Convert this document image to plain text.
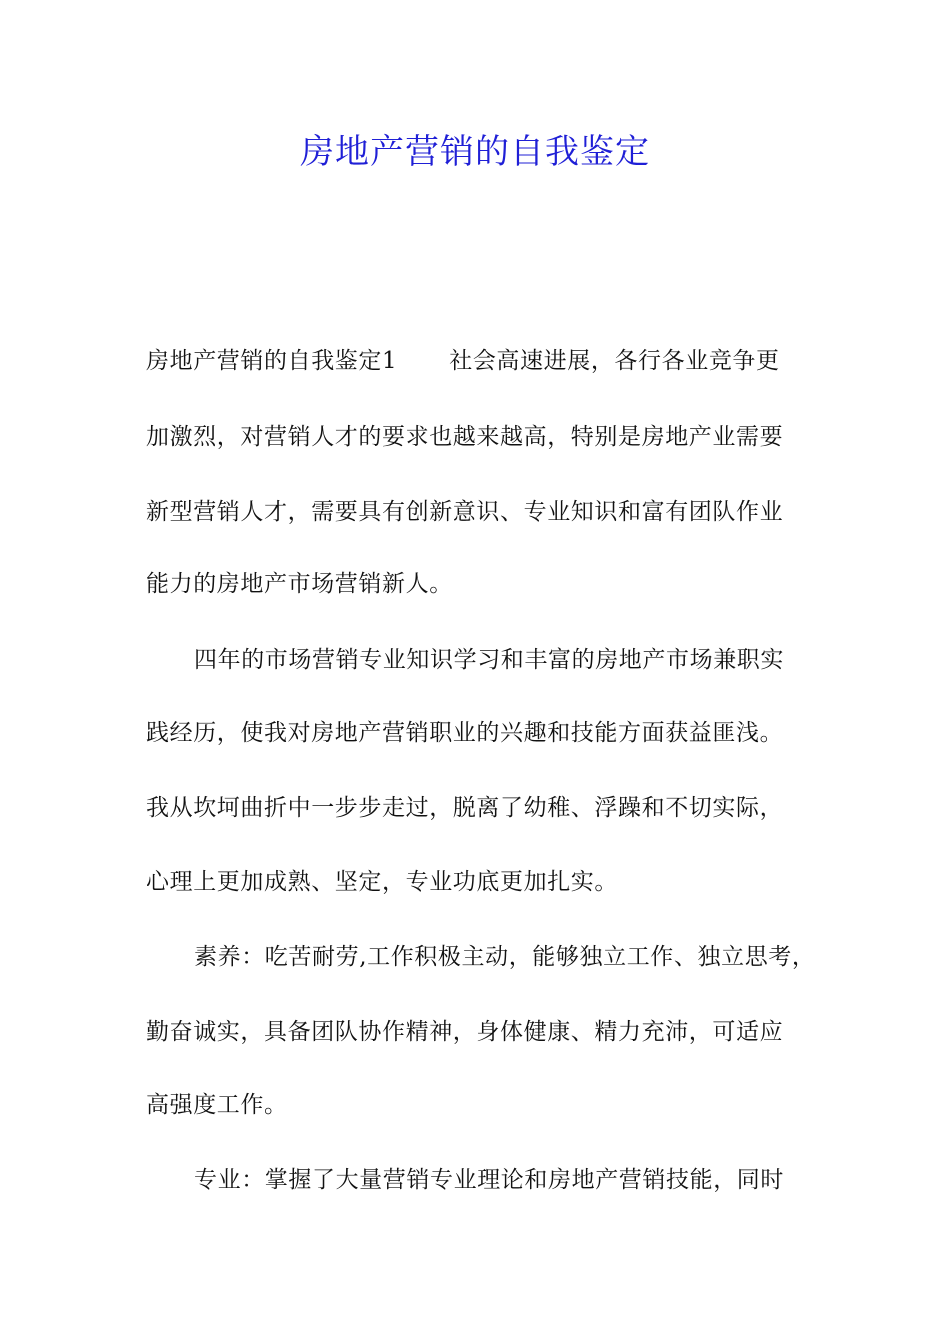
房地产营销的自我鉴定
房地产营销的自我鉴定1 社会高速进展，各行各业竞争更
加激烈，对营销人才的要求也越来越高，特别是房地产业需要
新型营销人才，需要具有创新意识、专业知识和富有团队作业
能力的房地产市场营销新人。
四年的市场营销专业知识学习和丰富的房地产市场兼职实
践经历，使我对房地产营销职业的兴趣和技能方面获益匪浅。
我从坎坷曲折中一步步走过，脱离了幼稚、浮躁和不切实际，
心理上更加成熟、坚定，专业功底更加扎实。
素养：吃苦耐劳,工作积极主动，能够独立工作、独立思考，
勤奋诚实，具备团队协作精神，身体健康、精力充沛，可适应
高强度工作。
专业：掌握了大量营销专业理论和房地产营销技能，同时
